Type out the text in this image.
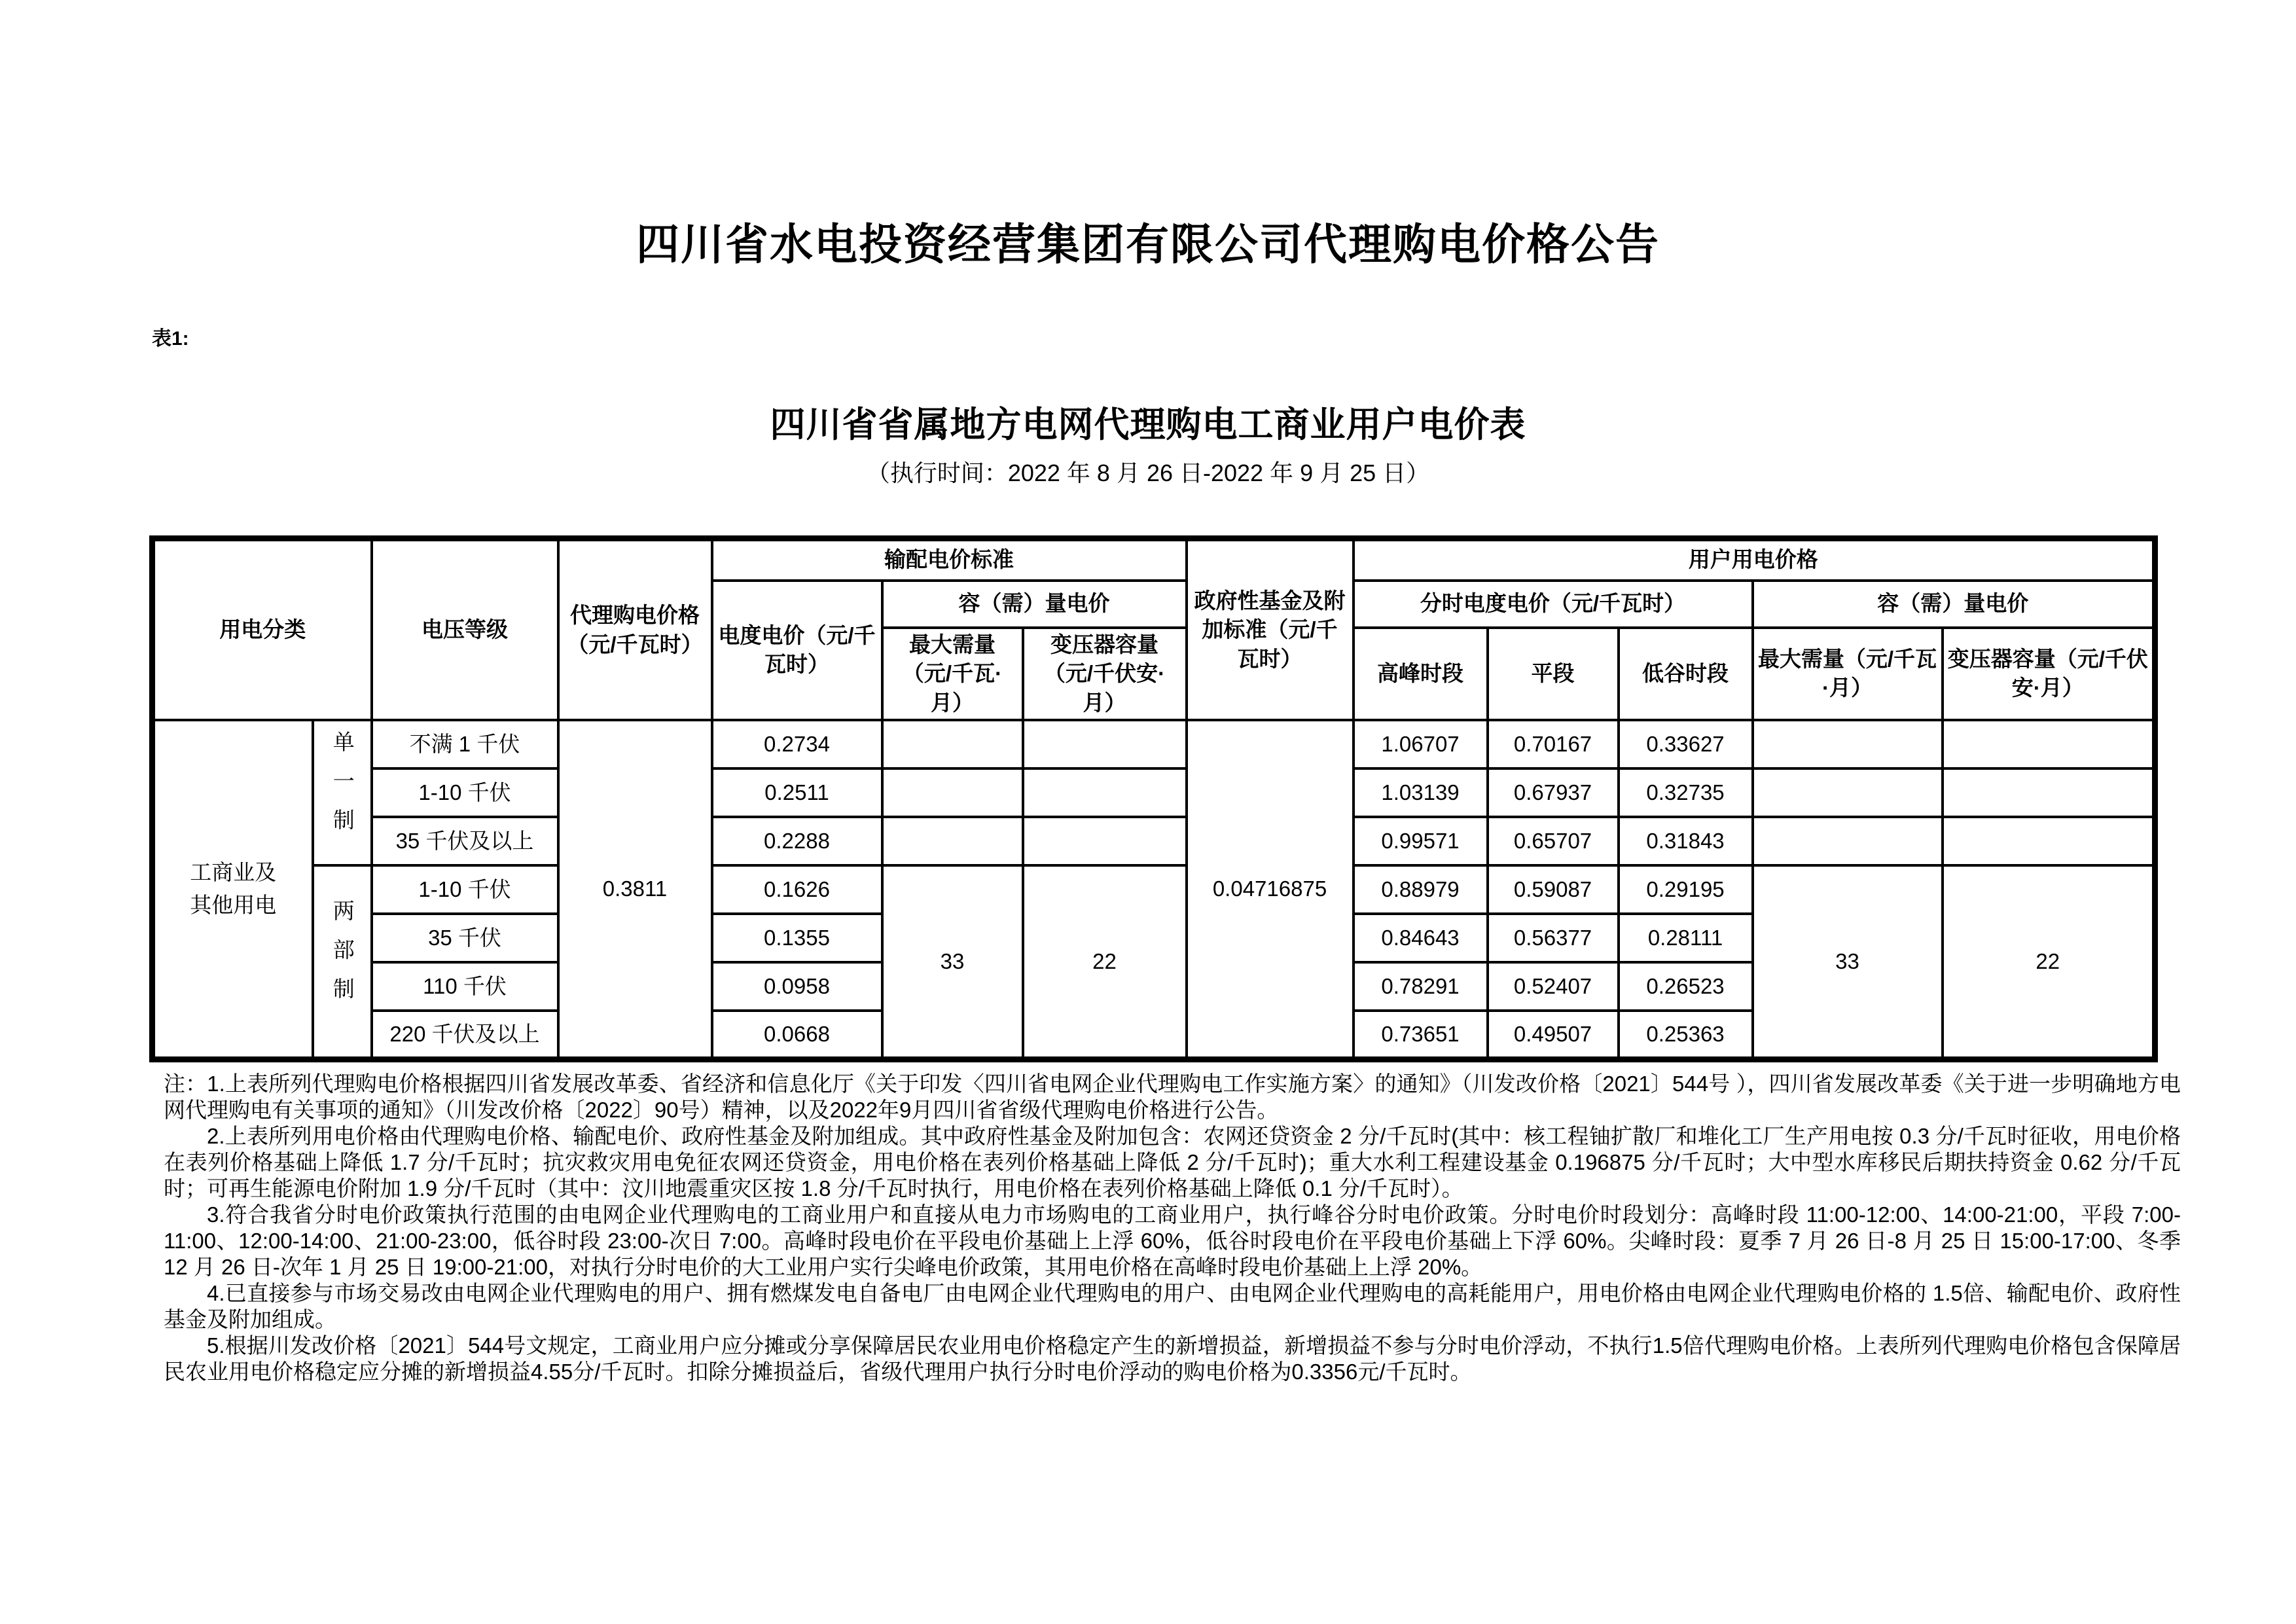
四川省水电投资经营集团有限公司代理购电价格公告
表1:
四川省省属地方电网代理购电工商业用户电价表
（执行时间：2022 年 8 月 26 日-2022 年 9 月 25 日）
用电分类		电压等级	代理购电价格（元/千瓦时）	输配电价标准			政府性基金及附加标准（元/千瓦时）	用户用电价格				
				电度电价（元/千瓦时）	容（需）量电价			分时电度电价（元/千瓦时）			容（需）量电价	
					最大需量（元/千瓦·月）	变压器容量（元/千伏安·月）		高峰时段	平段	低谷时段	最大需量（元/千瓦·月）	变压器容量（元/千伏安·月）
工商业及其他用电	单一制	不满 1 千伏	0.3811	0.2734			0.04716875	1.06707	0.70167	0.33627		
		1-10 千伏		0.2511				1.03139	0.67937	0.32735		
		35 千伏及以上		0.2288				0.99571	0.65707	0.31843		
	两部制	1-10 千伏		0.1626	33	22		0.88979	0.59087	0.29195	33	22
		35 千伏		0.1355				0.84643	0.56377	0.28111		
		110 千伏		0.0958				0.78291	0.52407	0.26523		
		220 千伏及以上		0.0668				0.73651	0.49507	0.25363		

注：1.上表所列代理购电价格根据四川省发展改革委、省经济和信息化厅《关于印发〈四川省电网企业代理购电工作实施方案〉的通知》（川发改价格〔2021〕544号 ），四川省发展改革委《关于进一步明确地方电网代理购电有关事项的通知》（川发改价格〔2022〕90号）精神，以及2022年9月四川省省级代理购电价格进行公告。

2.上表所列用电价格由代理购电价格、输配电价、政府性基金及附加组成。其中政府性基金及附加包含：农网还贷资金 2 分/千瓦时(其中：核工程铀扩散厂和堆化工厂生产用电按 0.3 分/千瓦时征收，用电价格在表列价格基础上降低 1.7 分/千瓦时；抗灾救灾用电免征农网还贷资金，用电价格在表列价格基础上降低 2 分/千瓦时)；重大水利工程建设基金 0.196875 分/千瓦时；大中型水库移民后期扶持资金 0.62 分/千瓦时；可再生能源电价附加 1.9 分/千瓦时（其中：汶川地震重灾区按 1.8 分/千瓦时执行，用电价格在表列价格基础上降低 0.1 分/千瓦时）。

3.符合我省分时电价政策执行范围的由电网企业代理购电的工商业用户和直接从电力市场购电的工商业用户，执行峰谷分时电价政策。分时电价时段划分：高峰时段 11:00-12:00、14:00-21:00，平段 7:00-11:00、12:00-14:00、21:00-23:00，低谷时段 23:00-次日 7:00。高峰时段电价在平段电价基础上上浮 60%，低谷时段电价在平段电价基础上下浮 60%。尖峰时段：夏季 7 月 26 日-8 月 25 日 15:00-17:00、冬季 12 月 26 日-次年 1 月 25 日 19:00-21:00，对执行分时电价的大工业用户实行尖峰电价政策，其用电价格在高峰时段电价基础上上浮 20%。

4.已直接参与市场交易改由电网企业代理购电的用户、拥有燃煤发电自备电厂由电网企业代理购电的用户、由电网企业代理购电的高耗能用户，用电价格由电网企业代理购电价格的 1.5倍、输配电价、政府性基金及附加组成。

5.根据川发改价格〔2021〕544号文规定，工商业用户应分摊或分享保障居民农业用电价格稳定产生的新增损益，新增损益不参与分时电价浮动，不执行1.5倍代理购电价格。上表所列代理购电价格包含保障居民农业用电价格稳定应分摊的新增损益4.55分/千瓦时。扣除分摊损益后，省级代理用户执行分时电价浮动的购电价格为0.3356元/千瓦时。
